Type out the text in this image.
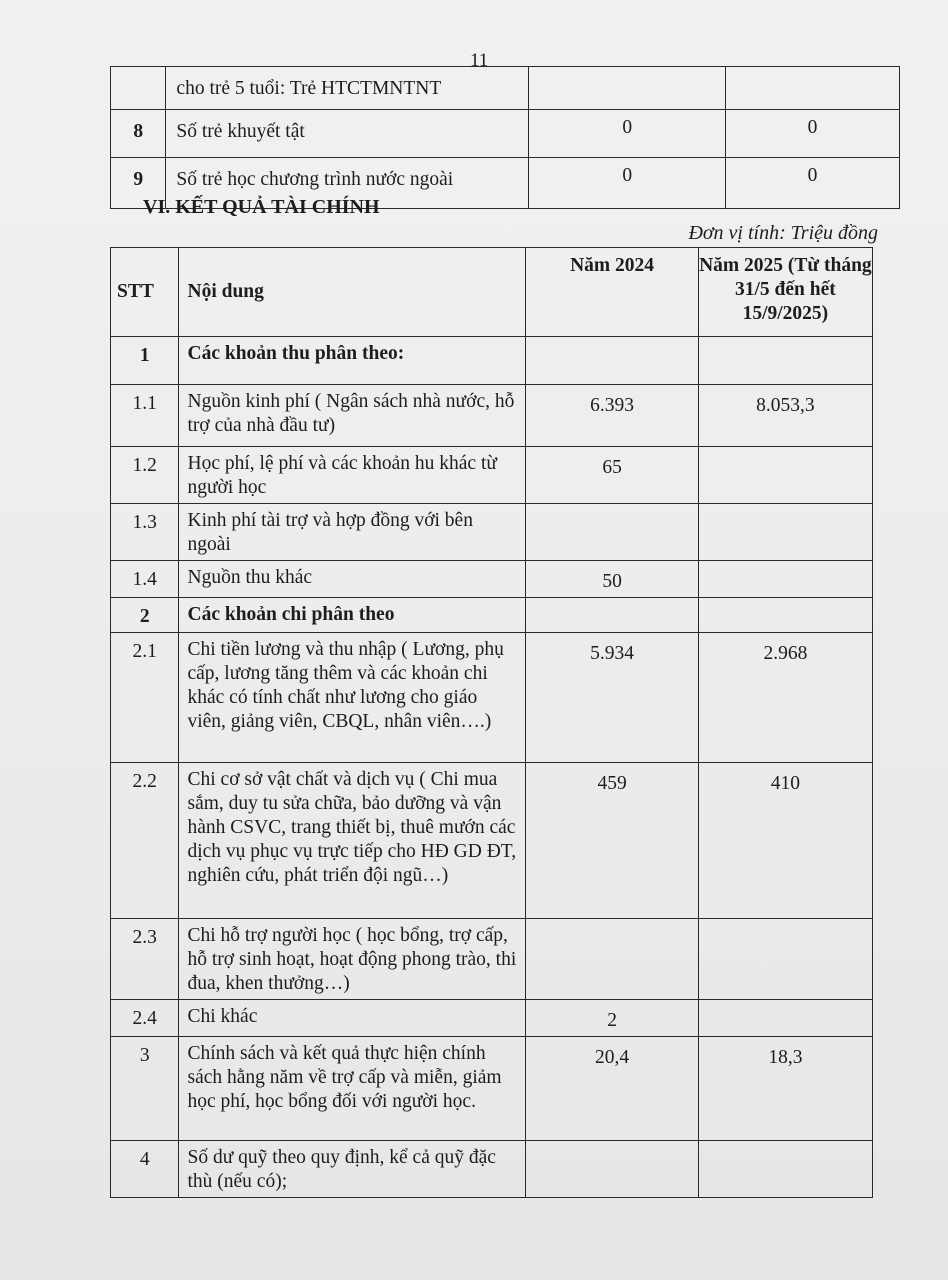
11
	cho trẻ 5 tuổi: Trẻ HTCTMNTNT		
8	Số trẻ khuyết tật	0	0
9	Số trẻ học chương trình nước ngoài	0	0
VI. KẾT QUẢ TÀI CHÍNH
Đơn vị tính: Triệu đồng
STT	Nội dung	Năm 2024	Năm 2025 (Từ tháng 31/5 đến hết 15/9/2025)
1	Các khoản thu phân theo:		
1.1	Nguồn kinh phí ( Ngân sách nhà nước, hỗ trợ của nhà đầu tư)	6.393	8.053,3
1.2	Học phí, lệ phí và các khoản hu khác từ người học	65	
1.3	Kinh phí tài trợ và hợp đồng với bên ngoài		
1.4	Nguồn thu khác	50	
2	Các khoản chi phân theo		
2.1	Chi tiền lương và thu nhập ( Lương, phụ cấp, lương tăng thêm và các khoản chi khác có tính chất như lương cho giáo viên, giảng viên, CBQL, nhân viên….)	5.934	2.968
2.2	Chi cơ sở vật chất và dịch vụ ( Chi mua sắm, duy tu sửa chữa, bảo dưỡng và vận hành CSVC, trang thiết bị, thuê mướn các dịch vụ phục vụ trực tiếp cho HĐ GD ĐT, nghiên cứu, phát triển đội ngũ…)	459	410
2.3	Chi hỗ trợ người học ( học bổng, trợ cấp, hỗ trợ sinh hoạt, hoạt động phong trào, thi đua, khen thưởng…)		
2.4	Chi khác	2	
3	Chính sách và kết quả thực hiện chính sách hằng năm về trợ cấp và miễn, giảm học phí, học bổng đối với người học.	20,4	18,3
4	Số dư quỹ theo quy định, kể cả quỹ đặc thù (nếu có);		
